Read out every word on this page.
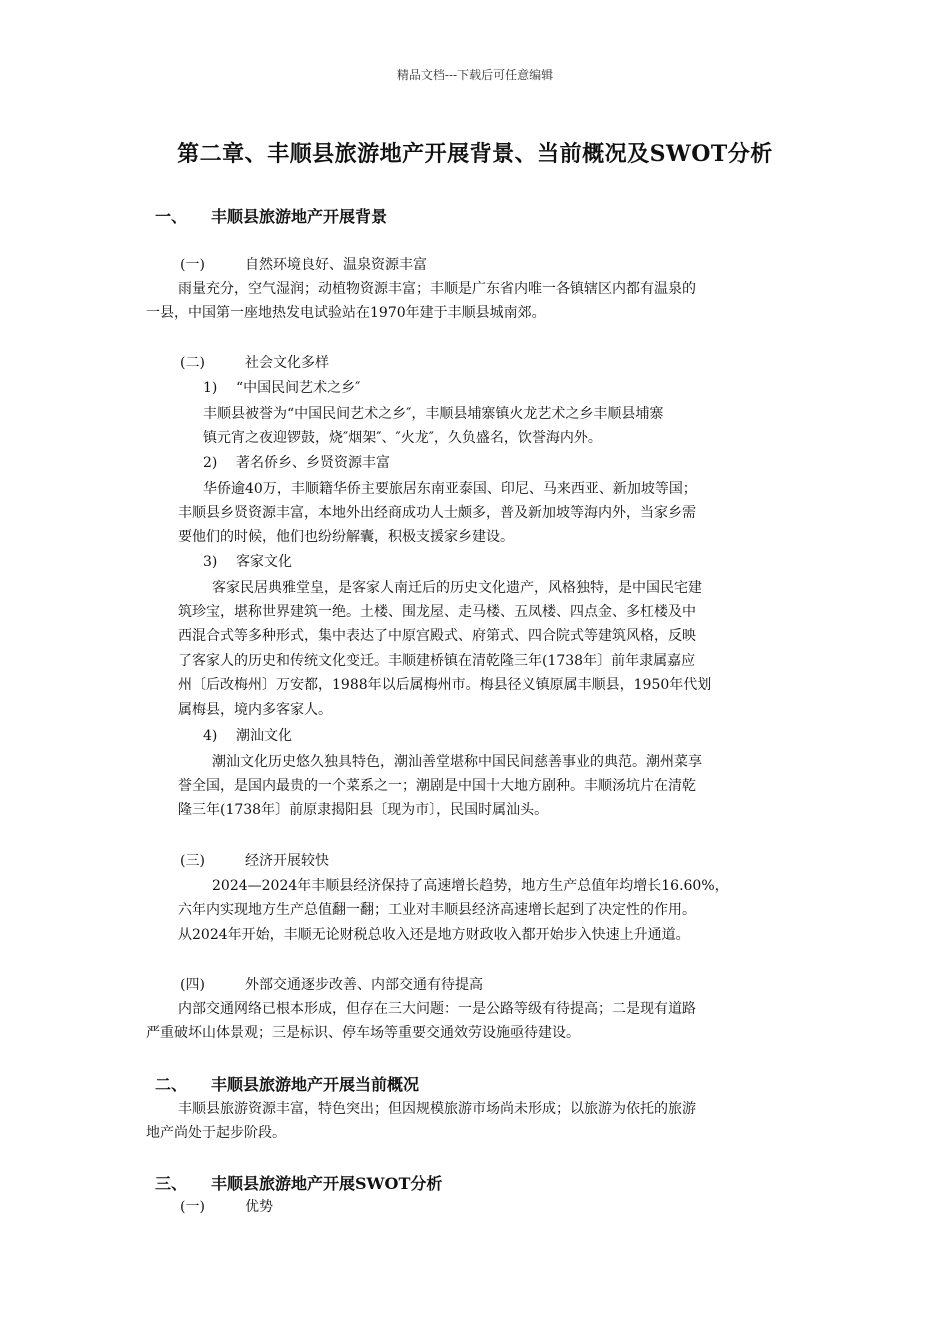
精品文档---下载后可任意编辑
第二章、丰顺县旅游地产开展背景、当前概况及SWOT分析
一、 丰顺县旅游地产开展背景
(一)	自然环境良好、温泉资源丰富
雨量充分，空气湿润；动植物资源丰富；丰顺是广东省内唯一各镇辖区内都有温泉的
一县，中国第一座地热发电试验站在1970年建于丰顺县城南郊。
(二)	社会文化多样
1) “中国民间艺术之乡″
丰顺县被誉为“中国民间艺术之乡″，丰顺县埔寨镇火龙艺术之乡丰顺县埔寨
镇元宵之夜迎锣鼓，烧″烟架″、″火龙″，久负盛名，饮誉海内外。
2) 著名侨乡、乡贤资源丰富
华侨逾40万，丰顺籍华侨主要旅居东南亚泰国、印尼、马来西亚、新加坡等国；
丰顺县乡贤资源丰富，本地外出经商成功人士颇多，普及新加坡等海内外，当家乡需
要他们的时候，他们也纷纷解囊，积极支援家乡建设。
3) 客家文化
客家民居典雅堂皇，是客家人南迁后的历史文化遗产，风格独特，是中国民宅建
筑珍宝，堪称世界建筑一绝。土楼、围龙屋、走马楼、五凤楼、四点金、多杠楼及中
西混合式等多种形式，集中表达了中原宫殿式、府第式、四合院式等建筑风格，反映
了客家人的历史和传统文化变迁。丰顺建桥镇在清乾隆三年(1738年〕前年隶属嘉应
州〔后改梅州〕万安都，1988年以后属梅州市。梅县径义镇原属丰顺县，1950年代划
属梅县，境内多客家人。
4) 潮汕文化
潮汕文化历史悠久独具特色，潮汕善堂堪称中国民间慈善事业的典范。潮州菜享
誉全国，是国内最贵的一个菜系之一；潮剧是中国十大地方剧种。丰顺汤坑片在清乾
隆三年(1738年〕前原隶揭阳县〔现为市〕，民国时属汕头。
(三)	经济开展较快
2024—2024年丰顺县经济保持了高速增长趋势，地方生产总值年均增长16.60%，
六年内实现地方生产总值翻一翻；工业对丰顺县经济高速增长起到了决定性的作用。
从2024年开始，丰顺无论财税总收入还是地方财政收入都开始步入快速上升通道。
(四)	外部交通逐步改善、内部交通有待提高
内部交通网络已根本形成，但存在三大问题：一是公路等级有待提高；二是现有道路
严重破坏山体景观；三是标识、停车场等重要交通效劳设施亟待建设。
二、 丰顺县旅游地产开展当前概况
丰顺县旅游资源丰富，特色突出；但因规模旅游市场尚未形成；以旅游为依托的旅游
地产尚处于起步阶段。
三、 丰顺县旅游地产开展SWOT分析
(一)	优势
